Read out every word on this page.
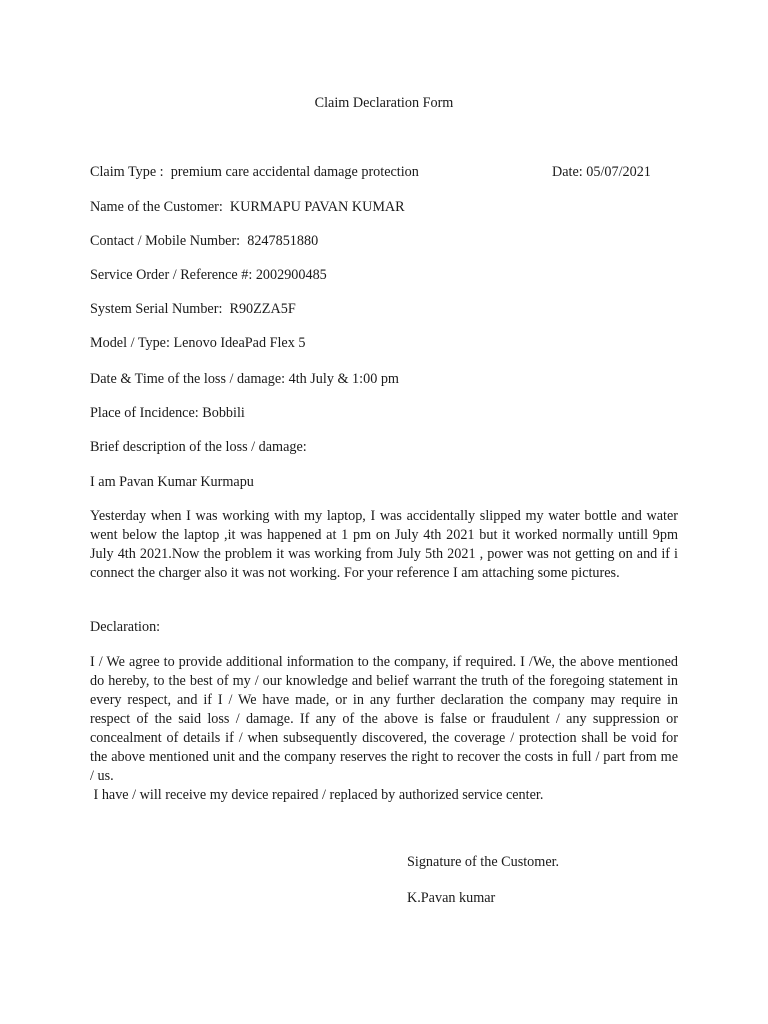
Claim Declaration Form
Claim Type :  premium care accidental damage protection	Date: 05/07/2021
Name of the Customer:  KURMAPU PAVAN KUMAR
Contact / Mobile Number:  8247851880
Service Order / Reference #: 2002900485
System Serial Number:  R90ZZA5F
Model / Type: Lenovo IdeaPad Flex 5
Date & Time of the loss / damage: 4th July & 1:00 pm
Place of Incidence: Bobbili
Brief description of the loss / damage:
I am Pavan Kumar Kurmapu
Yesterday when I was working with my laptop, I was accidentally slipped my water bottle and water went below the laptop ,it was happened at 1 pm on July 4th 2021 but it worked normally untill 9pm July 4th 2021.Now the problem it was working from July 5th 2021 , power was not getting on and if i connect the charger also it was not working. For your reference I am attaching some pictures.
Declaration:
I / We agree to provide additional information to the company, if required. I /We, the above mentioned do hereby, to the best of my / our knowledge and belief warrant the truth of the foregoing statement in every respect, and if I / We have made, or in any further declaration the company may require in respect of the said loss / damage. If any of the above is false or fraudulent / any suppression or concealment of details if / when subsequently discovered, the coverage / protection shall be void for the above mentioned unit and the company reserves the right to recover the costs in full / part from me / us.
I have / will receive my device repaired / replaced by authorized service center.
Signature of the Customer.
K.Pavan kumar
